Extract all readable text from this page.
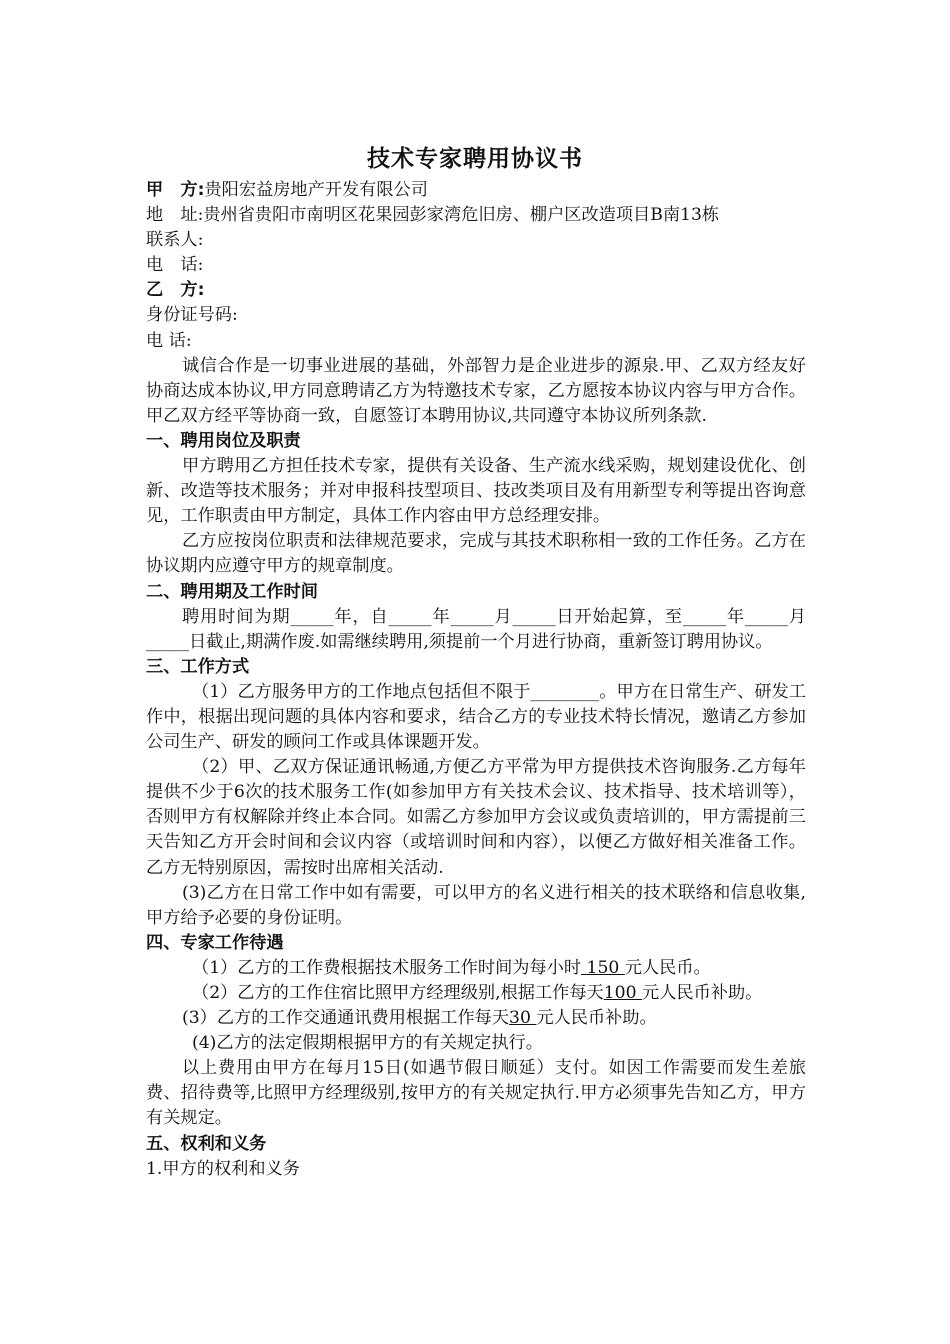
技术专家聘用协议书
甲　方:贵阳宏益房地产开发有限公司
地　址:贵州省贵阳市南明区花果园彭家湾危旧房、棚户区改造项目B南13栋
联系人:
电　话:
乙　方:
身份证号码:
电 话:

诚信合作是一切事业进展的基础，外部智力是企业进步的源泉.甲、乙双方经友好协商达成本协议,甲方同意聘请乙方为特邀技术专家，乙方愿按本协议内容与甲方合作。甲乙双方经平等协商一致，自愿签订本聘用协议,共同遵守本协议所列条款.

一、聘用岗位及职责

甲方聘用乙方担任技术专家，提供有关设备、生产流水线采购，规划建设优化、创新、改造等技术服务；并对申报科技型项目、技改类项目及有用新型专利等提出咨询意见，工作职责由甲方制定，具体工作内容由甲方总经理安排。

乙方应按岗位职责和法律规范要求，完成与其技术职称相一致的工作任务。乙方在协议期内应遵守甲方的规章制度。

二、聘用期及工作时间

聘用时间为期_____年，自_____年_____月_____日开始起算，至_____年_____月_____日截止,期满作废.如需继续聘用,须提前一个月进行协商，重新签订聘用协议。

三、工作方式

（1）乙方服务甲方的工作地点包括但不限于________。甲方在日常生产、研发工作中，根据出现问题的具体内容和要求，结合乙方的专业技术特长情况，邀请乙方参加公司生产、研发的顾问工作或具体课题开发。

（2）甲、乙双方保证通讯畅通,方便乙方平常为甲方提供技术咨询服务.乙方每年提供不少于6次的技术服务工作(如参加甲方有关技术会议、技术指导、技术培训等），否则甲方有权解除并终止本合同。如需乙方参加甲方会议或负责培训的，甲方需提前三天告知乙方开会时间和会议内容（或培训时间和内容），以便乙方做好相关准备工作。乙方无特别原因，需按时出席相关活动.

(3)乙方在日常工作中如有需要，可以甲方的名义进行相关的技术联络和信息收集,甲方给予必要的身份证明。

四、专家工作待遇

（1）乙方的工作费根据技术服务工作时间为每小时 150 元人民币。

（2）乙方的工作住宿比照甲方经理级别,根据工作每天100 元人民币补助。

(3）乙方的工作交通通讯费用根据工作每天30 元人民币补助。

(4)乙方的法定假期根据甲方的有关规定执行。

以上费用由甲方在每月15日(如遇节假日顺延）支付。如因工作需要而发生差旅费、招待费等,比照甲方经理级别,按甲方的有关规定执行.甲方必须事先告知乙方，甲方有关规定。

五、权利和义务

1.甲方的权利和义务
